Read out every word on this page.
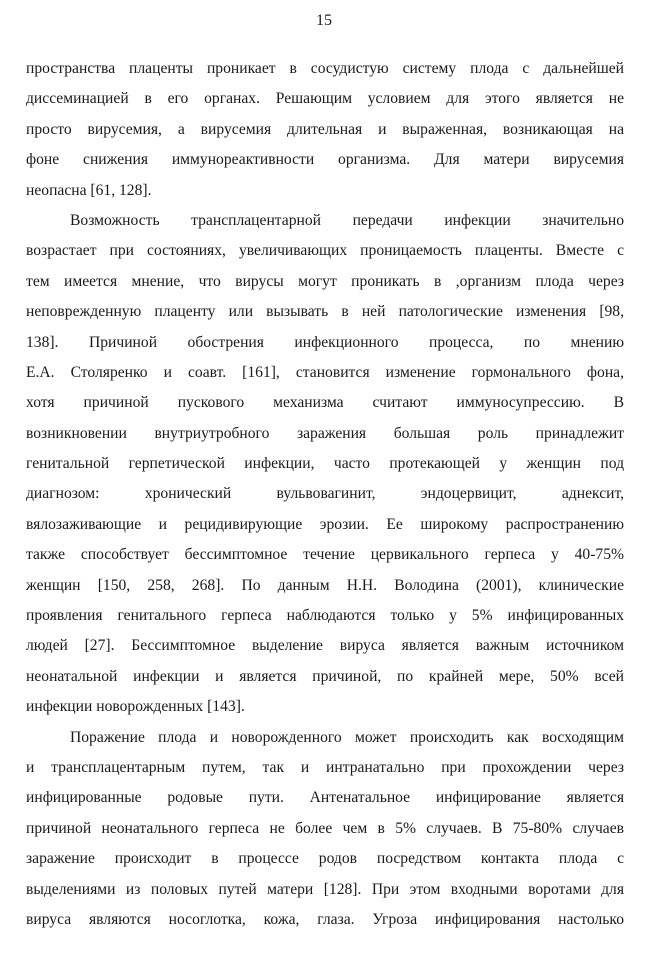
15
пространства плаценты проникает в сосудистую систему плода с дальнейшей
диссеминацией в его органах. Решающим условием для этого является не
просто вирусемия, а вирусемия длительная и выраженная, возникающая на
фоне снижения иммунореактивности организма. Для матери вирусемия
неопасна [61, 128].
Возможность трансплацентарной передачи инфекции значительно
возрастает при состояниях, увеличивающих проницаемость плаценты. Вместе с
тем имеется мнение, что вирусы могут проникать в ,организм плода через
неповрежденную плаценту или вызывать в ней патологические изменения [98,
138]. Причиной обострения инфекционного процесса, по мнению
Е.А. Столяренко и соавт. [161], становится изменение гормонального фона,
хотя причиной пускового механизма считают иммуносупрессию. В
возникновении внутриутробного заражения большая роль принадлежит
генитальной герпетической инфекции, часто протекающей у женщин под
диагнозом: хронический вульвовагинит, эндоцервицит, аднексит,
вялозаживающие и рецидивирующие эрозии. Ее широкому распространению
также способствует бессимптомное течение цервикального герпеса у 40-75%
женщин [150, 258, 268]. По данным Н.Н. Володина (2001), клинические
проявления генитального герпеса наблюдаются только у 5% инфицированных
людей [27]. Бессимптомное выделение вируса является важным источником
неонатальной инфекции и является причиной, по крайней мере, 50% всей
инфекции новорожденных [143].
Поражение плода и новорожденного может происходить как восходящим
и трансплацентарным путем, так и интранатально при прохождении через
инфицированные родовые пути. Антенатальное инфицирование является
причиной неонатального герпеса не более чем в 5% случаев. В 75-80% случаев
заражение происходит в процессе родов посредством контакта плода с
выделениями из половых путей матери [128]. При этом входными воротами для
вируса являются носоглотка, кожа, глаза. Угроза инфицирования настолько
